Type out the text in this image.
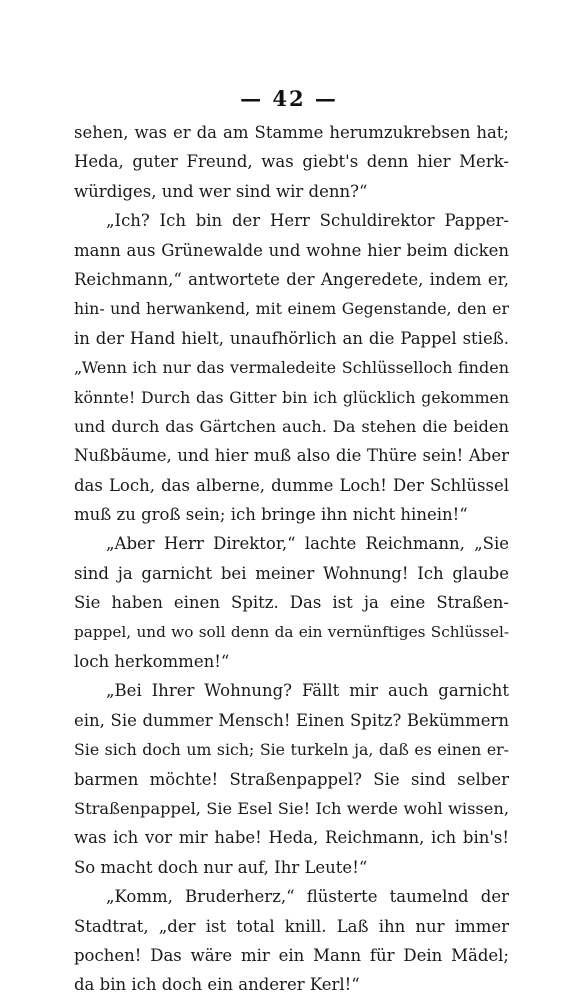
— 42 —
sehen, was er da am Stamme herumzukrebsen hat;
Heda, guter Freund, was giebt's denn hier Merk-
würdiges, und wer sind wir denn?“
„Ich? Ich bin der Herr Schuldirektor Papper-
mann aus Grünewalde und wohne hier beim dicken
Reichmann,“ antwortete der Angeredete, indem er,
hin- und herwankend, mit einem Gegenstande, den er
in der Hand hielt, unaufhörlich an die Pappel stieß.
„Wenn ich nur das vermaledeite Schlüsselloch finden
könnte! Durch das Gitter bin ich glücklich gekommen
und durch das Gärtchen auch. Da stehen die beiden
Nußbäume, und hier muß also die Thüre sein! Aber
das Loch, das alberne, dumme Loch! Der Schlüssel
muß zu groß sein; ich bringe ihn nicht hinein!“
„Aber Herr Direktor,“ lachte Reichmann, „Sie
sind ja garnicht bei meiner Wohnung! Ich glaube
Sie haben einen Spitz. Das ist ja eine Straßen-
pappel, und wo soll denn da ein vernünftiges Schlüssel-
loch herkommen!“
„Bei Ihrer Wohnung? Fällt mir auch garnicht
ein, Sie dummer Mensch! Einen Spitz? Bekümmern
Sie sich doch um sich; Sie turkeln ja, daß es einen er-
barmen möchte! Straßenpappel? Sie sind selber
Straßenpappel, Sie Esel Sie! Ich werde wohl wissen,
was ich vor mir habe! Heda, Reichmann, ich bin's!
So macht doch nur auf, Ihr Leute!“
„Komm, Bruderherz,“ flüsterte taumelnd der
Stadtrat, „der ist total knill. Laß ihn nur immer
pochen! Das wäre mir ein Mann für Dein Mädel;
da bin ich doch ein anderer Kerl!“
